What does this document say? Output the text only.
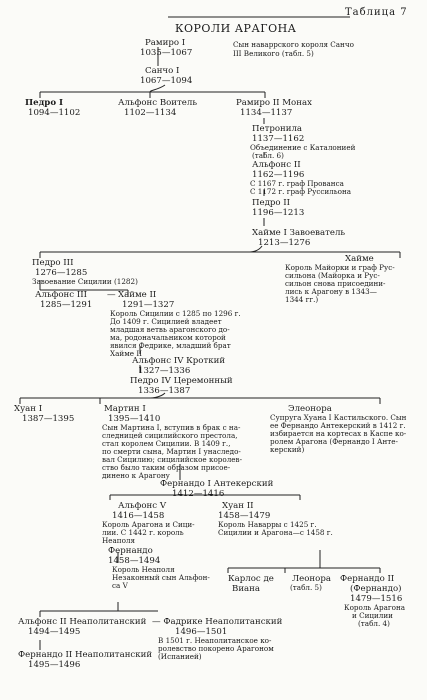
Таблица 7
КОРОЛИ АРАГОНА
Рамиро I
1035—1067
Сын наваррского короля Санчо III Великого (табл. 5)
Санчо I
1067—1094
Педро I
1094—1102
Альфонс Воитель
1102—1134
Рамиро II Монах
1134—1137
Петронила
1137—1162
Объединение с Каталонией
(табл. 6)
Альфонс II
1162—1196
С 1167 г. граф Прованса
С 1172 г. граф Руссильона
Педро II
1196—1213
Хайме I Завоеватель
1213—1276
Педро III
1276—1285
Завоевание Сицилии (1282)
Хайме
Король Майорки и граф Рус-
сильона (Майорка и Рус-
сильон снова присоедини-
лись к Арагону в 1343—
1344 гг.)
Альфонс III —
1285—1291
Хайме II
1291—1327
Король Сицилии с 1285 по 1296 г.
До 1409 г. Сицилией владеет
младшая ветвь арагонского до-
ма, родоначальником которой
явился Федрике, младший брат
Хайме II
Альфонс IV Кроткий
1327—1336
Педро IV Церемонный
1336—1387
Хуан I
1387—1395
Мартин I
1395—1410
Сын Мартина I, вступив в брак с на-
следницей сицилийского престола,
стал королем Сицилии. В 1409 г.,
по смерти сына, Мартин I унаследо-
вал Сицилию; сицилийское королев-
ство было таким образом присое-
динено к Арагону
Элеонора
Супруга Хуана I Кастильского. Сын
ее Фернандо Антекерский в 1412 г.
избирается на кортесах в Каспе ко-
ролем Арагона (Фернандо I Анте-
керский)
Фернандо I Антекерский
1412—1416
Альфонс V
1416—1458
Король Арагона и Сици-
лии. С 1442 г. король
Неаполя
Хуан II
1458—1479
Король Наварры с 1425 г.
Сицилии и Арагона—с 1458 г.
Фернандо
1458—1494
Король Неаполя
Незаконный сын Альфон-
са V
Карлос де
Виана
Леонора
(табл. 5)
Фернандо II
(Фернандо)
1479—1516
Король Арагона
и Сицилии
(табл. 4)
Альфонс II Неаполитанский
1494—1495
— Фадрике Неаполитанский
1496—1501
В 1501 г. Неаполитанское ко-
ролевство покорено Арагоном
(Испанией)
Фернандо II Неаполитанский
1495—1496
